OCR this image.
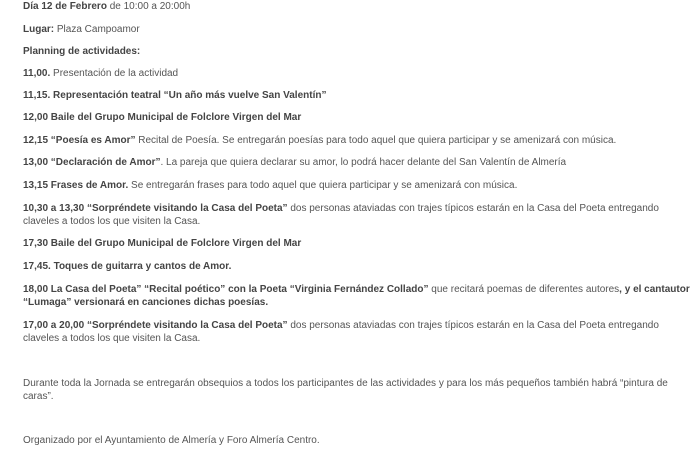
Día 12 de Febrero de 10:00 a 20:00h
Lugar: Plaza Campoamor
Planning de actividades:
11,00. Presentación de la actividad
11,15. Representación teatral “Un año más vuelve San Valentín”
12,00 Baile del Grupo Municipal de Folclore Virgen del Mar
12,15 “Poesía es Amor” Recital de Poesía. Se entregarán poesías para todo aquel que quiera participar y se amenizará con música.
13,00 “Declaración de Amor”. La pareja que quiera declarar su amor, lo podrá hacer delante del San Valentín de Almería
13,15 Frases de Amor. Se entregarán frases para todo aquel que quiera participar y se amenizará con música.
10,30 a 13,30 “Sorpréndete visitando la Casa del Poeta” dos personas ataviadas con trajes típicos estarán en la Casa del Poeta entregando claveles a todos los que visiten la Casa.
17,30 Baile del Grupo Municipal de Folclore Virgen del Mar
17,45. Toques de guitarra y cantos de Amor.
18,00 La Casa del Poeta” “Recital poético” con la Poeta “Virginia Fernández Collado” que recitará poemas de diferentes autores, y el cantautor “Lumaga” versionará en canciones dichas poesías.
17,00 a 20,00 “Sorpréndete visitando la Casa del Poeta” dos personas ataviadas con trajes típicos estarán en la Casa del Poeta entregando claveles a todos los que visiten la Casa.
Durante toda la Jornada se entregarán obsequios a todos los participantes de las actividades y para los más pequeños también habrá “pintura de caras”.
Organizado por el Ayuntamiento de Almería y Foro Almería Centro.
